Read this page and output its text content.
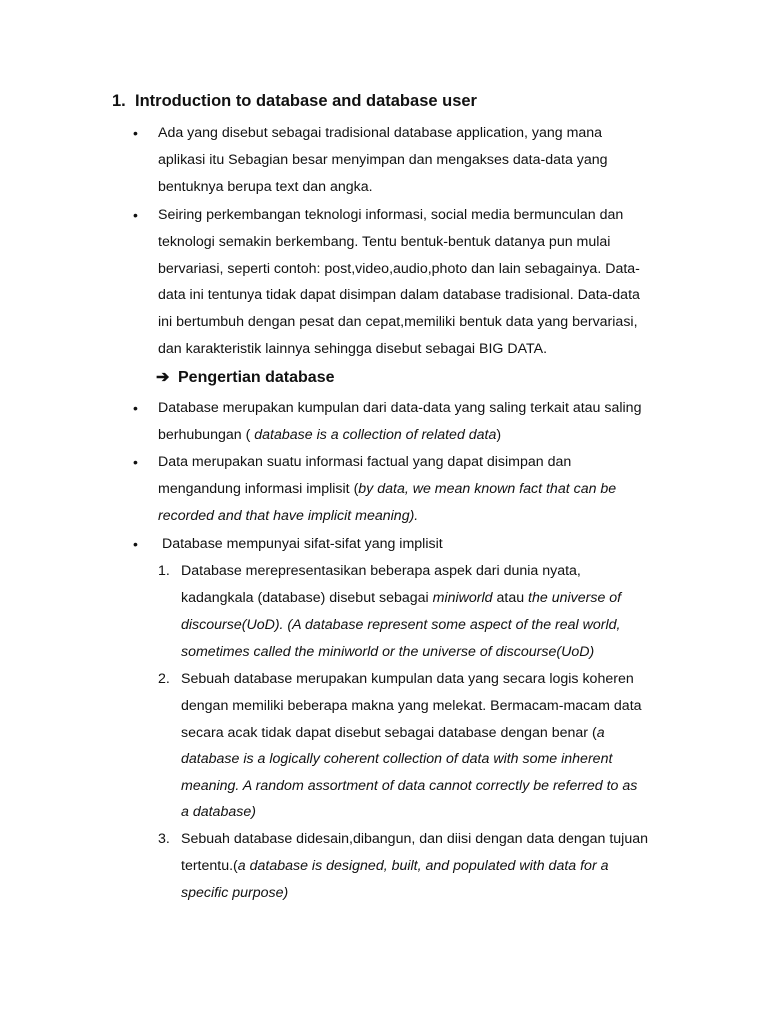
1. Introduction to database and database user
•

Ada yang disebut sebagai tradisional database application, yang mana

aplikasi itu Sebagian besar menyimpan dan mengakses data-data yang

bentuknya berupa text dan angka.

•

Seiring perkembangan teknologi informasi, social media bermunculan dan

teknologi semakin berkembang. Tentu bentuk-bentuk datanya pun mulai

bervariasi, seperti contoh: post,video,audio,photo dan lain sebagainya. Data-

data ini tentunya tidak dapat disimpan dalam database tradisional. Data-data

ini bertumbuh dengan pesat dan cepat,memiliki bentuk data yang bervariasi,

dan karakteristik lainnya sehingga disebut sebagai BIG DATA.

➔ Pengertian database
•

Database merupakan kumpulan dari data-data yang saling terkait atau saling

berhubungan ( database is a collection of related data)

•

Data merupakan suatu informasi factual yang dapat disimpan dan

mengandung informasi implisit (by data, we mean known fact that can be

recorded and that have implicit meaning).

•

Database mempunyai sifat-sifat yang implisit

1. Database merepresentasikan beberapa aspek dari dunia nyata,

kadangkala (database) disebut sebagai miniworld atau the universe of

discourse(UoD). (A database represent some aspect of the real world,

sometimes called the miniworld or the universe of discourse(UoD)

2. Sebuah database merupakan kumpulan data yang secara logis koheren

dengan memiliki beberapa makna yang melekat. Bermacam-macam data

secara acak tidak dapat disebut sebagai database dengan benar (a

database is a logically coherent collection of data with some inherent

meaning. A random assortment of data cannot correctly be referred to as

a database)

3. Sebuah database didesain,dibangun, dan diisi dengan data dengan tujuan

tertentu.(a database is designed, built, and populated with data for a

specific purpose)
